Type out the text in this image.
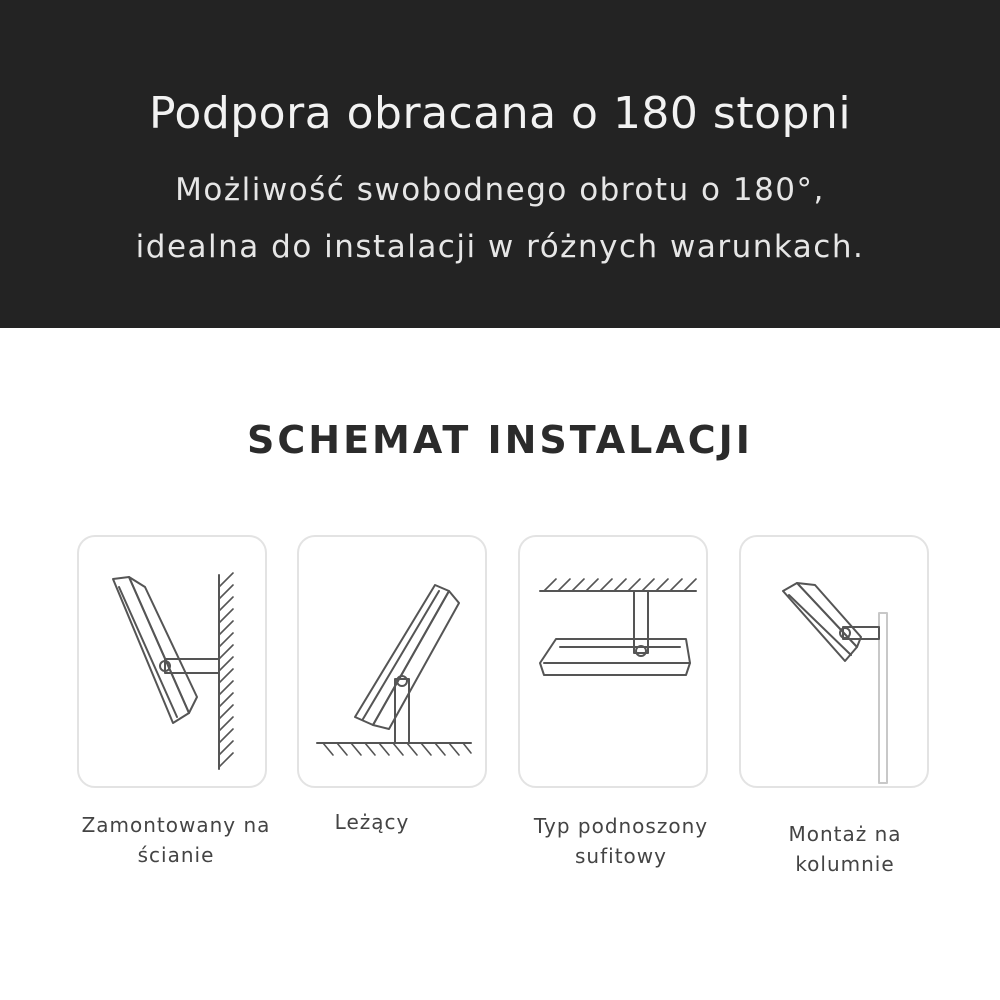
Podpora obracana o 180 stopni
Możliwość swobodnego obrotu o 180°, idealna do instalacji w różnych warunkach.
SCHEMAT INSTALACJI
Zamontowany na ścianie
Leżący	Typ podnoszony sufitowy
Montaż na kolumnie
